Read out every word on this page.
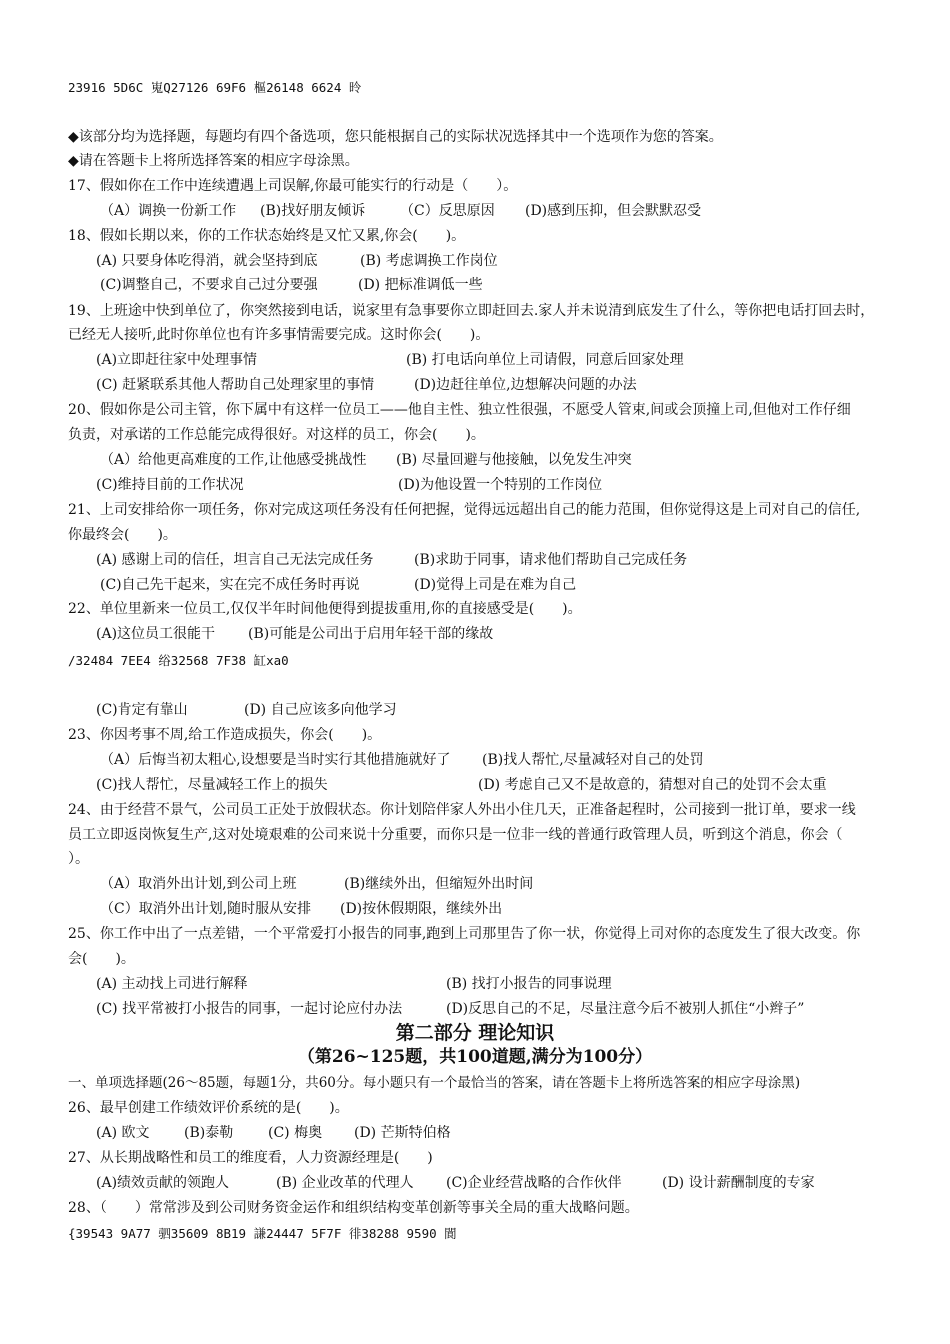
23916 5D6C 嵬Q27126 69F6 樞26148 6624 昤
◆该部分均为选择题，每题均有四个备选项，您只能根据自己的实际状况选择其中一个选项作为您的答案。
◆请在答题卡上将所选择答案的相应字母涂黑。
17、假如你在工作中连续遭遇上司误解,你最可能实行的行动是（　　）。
（A）调换一份新工作 (B)找好朋友倾诉 （C）反思原因 (D)感到压抑，但会默默忍受
18、假如长期以来，你的工作状态始终是又忙又累,你会(　　)。
(A) 只要身体吃得消，就会坚持到底	(B) 考虑调换工作岗位
(C)调整自己，不要求自己过分要强	(D) 把标准调低一些
19、上班途中快到单位了，你突然接到电话，说家里有急事要你立即赶回去.家人并未说清到底发生了什么，等你把电话打回去时，
已经无人接听,此时你单位也有许多事情需要完成。这时你会(　　)。
(A)立即赶往家中处理事情	(B) 打电话向单位上司请假，同意后回家处理
(C) 赶紧联系其他人帮助自己处理家里的事情	(D)边赶往单位,边想解决问题的办法
20、假如你是公司主管，你下属中有这样一位员工——他自主性、独立性很强，不愿受人管束,间或会顶撞上司,但他对工作仔细
负责，对承诺的工作总能完成得很好。对这样的员工，你会(　　)。
（A）给他更高难度的工作,让他感受挑战性 (B) 尽量回避与他接触，以免发生冲突
(C)维持目前的工作状况	(D)为他设置一个特别的工作岗位
21、上司安排给你一项任务，你对完成这项任务没有任何把握，觉得远远超出自己的能力范围，但你觉得这是上司对自己的信任,
你最终会(　　)。
(A) 感谢上司的信任，坦言自己无法完成任务	(B)求助于同事，请求他们帮助自己完成任务
(C)自己先干起来，实在完不成任务时再说	(D)觉得上司是在难为自己
22、单位里新来一位员工,仅仅半年时间他便得到提拔重用,你的直接感受是(　　)。
(A)这位员工很能干 (B)可能是公司出于启用年轻干部的缘故
/32484 7EE4 绤32568 7F38 缸xa0
(C)肯定有靠山	(D) 自己应该多向他学习
23、你因考事不周,给工作造成损失，你会(　　)。
（A）后悔当初太粗心,设想要是当时实行其他措施就好了 (B)找人帮忙,尽量减轻对自己的处罚
(C)找人帮忙，尽量减轻工作上的损失	(D) 考虑自己又不是故意的，猜想对自己的处罚不会太重
24、由于经营不景气，公司员工正处于放假状态。你计划陪伴家人外出小住几天，正准备起程时，公司接到一批订单，要求一线
员工立即返岗恢复生产,这对处境艰难的公司来说十分重要，而你只是一位非一线的普通行政管理人员，听到这个消息，你会（
）。
（A）取消外出计划,到公司上班	(B)继续外出，但缩短外出时间
（C）取消外出计划,随时服从安排 (D)按休假期限，继续外出
25、你工作中出了一点差错，一个平常爱打小报告的同事,跑到上司那里告了你一状，你觉得上司对你的态度发生了很大改变。你
会(　　)。
(A) 主动找上司进行解释	(B) 找打小报告的同事说理
(C) 找平常被打小报告的同事，一起讨论应付办法	(D)反思自己的不足，尽量注意今后不被别人抓住“小辫子”
第二部分 理论知识
（第26~125题，共100道题,满分为100分）
一、单项选择题(26～85题，每题1分，共60分。每小题只有一个最恰当的答案，请在答题卡上将所选答案的相应字母涂黑)
26、最早创建工作绩效评价系统的是(　　)。
(A) 欧文 (B)泰勒 (C) 梅奥 (D) 芒斯特伯格
27、从长期战略性和员工的维度看，人力资源经理是(　　)
(A)绩效贡献的领跑人	(B) 企业改革的代理人 (C)企业经营战略的合作伙伴	(D) 设计薪酬制度的专家
28、（　　）常常涉及到公司财务资金运作和组织结构变革创新等事关全局的重大战略问题。
{39543 9A77 驷35609 8B19 謙24447 5F7F 徘38288 9590 閬
